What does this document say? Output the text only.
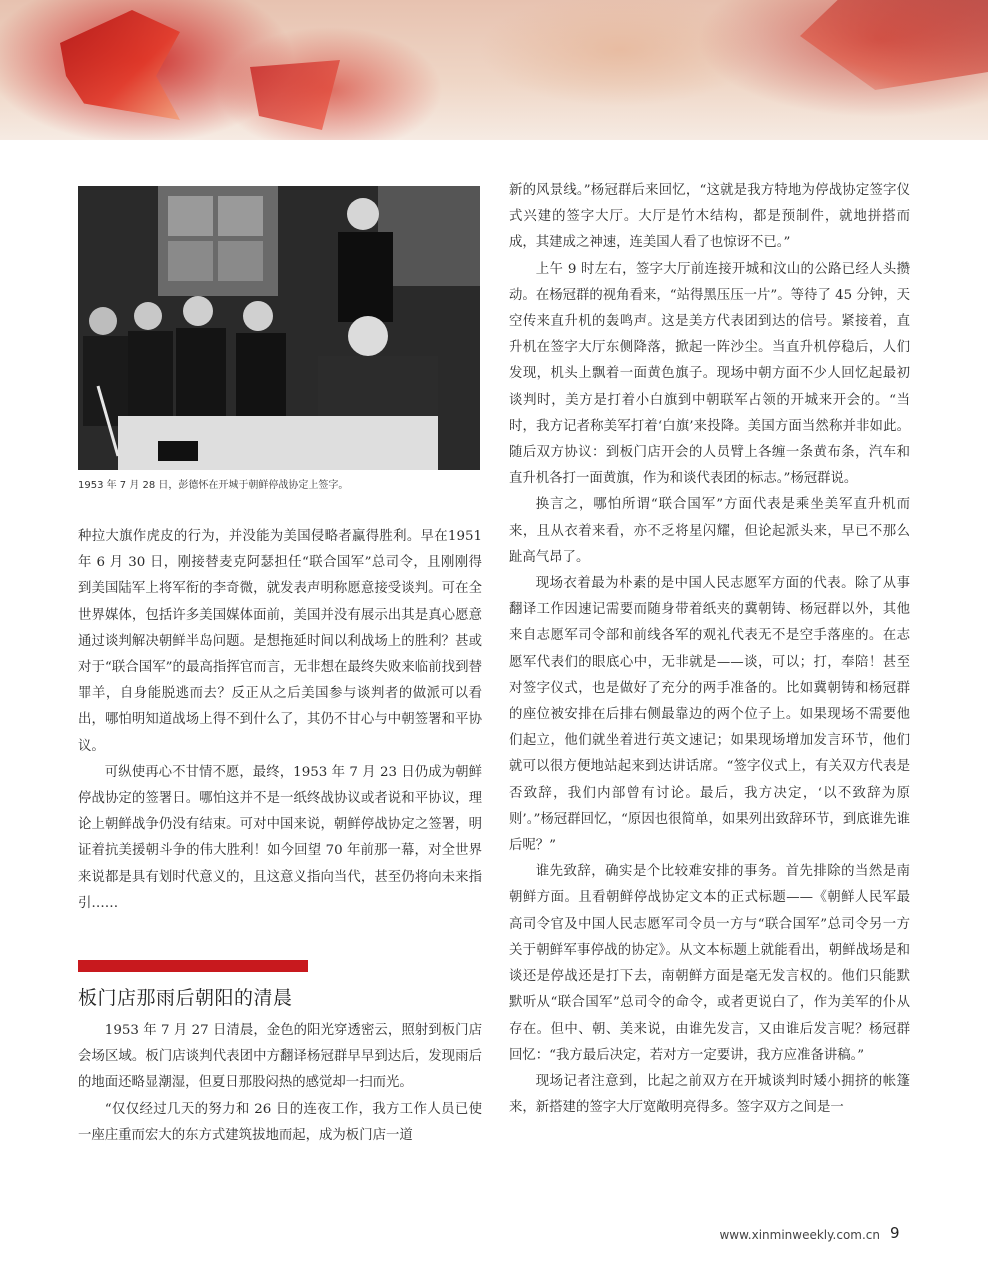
1953 年 7 月 28 日，彭德怀在开城于朝鲜停战协定上签字。

种拉大旗作虎皮的行为，并没能为美国侵略者赢得胜利。早在1951 年 6 月 30 日，刚接替麦克阿瑟担任“联合国军”总司令，且刚刚得到美国陆军上将军衔的李奇微，就发表声明称愿意接受谈判。可在全世界媒体，包括许多美国媒体面前，美国并没有展示出其是真心愿意通过谈判解决朝鲜半岛问题。是想拖延时间以利战场上的胜利？甚或对于“联合国军”的最高指挥官而言，无非想在最终失败来临前找到替罪羊，自身能脱逃而去？反正从之后美国参与谈判者的做派可以看出，哪怕明知道战场上得不到什么了，其仍不甘心与中朝签署和平协议。

可纵使再心不甘情不愿，最终，1953 年 7 月 23 日仍成为朝鲜停战协定的签署日。哪怕这并不是一纸终战协议或者说和平协议，理论上朝鲜战争仍没有结束。可对中国来说，朝鲜停战协定之签署，明证着抗美援朝斗争的伟大胜利！如今回望 70 年前那一幕，对全世界来说都是具有划时代意义的，且这意义指向当代，甚至仍将向未来指引……

板门店那雨后朝阳的清晨

1953 年 7 月 27 日清晨，金色的阳光穿透密云，照射到板门店会场区域。板门店谈判代表团中方翻译杨冠群早早到达后，发现雨后的地面还略显潮湿，但夏日那股闷热的感觉却一扫而光。

“仅仅经过几天的努力和 26 日的连夜工作，我方工作人员已使一座庄重而宏大的东方式建筑拔地而起，成为板门店一道

新的风景线。”杨冠群后来回忆，“这就是我方特地为停战协定签字仪式兴建的签字大厅。大厅是竹木结构，都是预制件，就地拼搭而成，其建成之神速，连美国人看了也惊讶不已。”

上午 9 时左右，签字大厅前连接开城和汶山的公路已经人头攒动。在杨冠群的视角看来，“站得黑压压一片”。等待了 45 分钟，天空传来直升机的轰鸣声。这是美方代表团到达的信号。紧接着，直升机在签字大厅东侧降落，掀起一阵沙尘。当直升机停稳后，人们发现，机头上飘着一面黄色旗子。现场中朝方面不少人回忆起最初谈判时，美方是打着小白旗到中朝联军占领的开城来开会的。“当时，我方记者称美军打着‘白旗’来投降。美国方面当然称并非如此。随后双方协议：到板门店开会的人员臂上各缠一条黄布条，汽车和直升机各打一面黄旗，作为和谈代表团的标志。”杨冠群说。

换言之，哪怕所谓“联合国军”方面代表是乘坐美军直升机而来，且从衣着来看，亦不乏将星闪耀，但论起派头来，早已不那么趾高气昂了。

现场衣着最为朴素的是中国人民志愿军方面的代表。除了从事翻译工作因速记需要而随身带着纸夹的冀朝铸、杨冠群以外，其他来自志愿军司令部和前线各军的观礼代表无不是空手落座的。在志愿军代表们的眼底心中，无非就是——谈，可以；打，奉陪！甚至对签字仪式，也是做好了充分的两手准备的。比如冀朝铸和杨冠群的座位被安排在后排右侧最靠边的两个位子上。如果现场不需要他们起立，他们就坐着进行英文速记；如果现场增加发言环节，他们就可以很方便地站起来到达讲话席。“签字仪式上，有关双方代表是否致辞，我们内部曾有讨论。最后，我方决定，‘以不致辞为原则’。”杨冠群回忆，“原因也很简单，如果列出致辞环节，到底谁先谁后呢？”

谁先致辞，确实是个比较难安排的事务。首先排除的当然是南朝鲜方面。且看朝鲜停战协定文本的正式标题——《朝鲜人民军最高司令官及中国人民志愿军司令员一方与“联合国军”总司令另一方关于朝鲜军事停战的协定》。从文本标题上就能看出，朝鲜战场是和谈还是停战还是打下去，南朝鲜方面是毫无发言权的。他们只能默默听从“联合国军”总司令的命令，或者更说白了，作为美军的仆从存在。但中、朝、美来说，由谁先发言，又由谁后发言呢？杨冠群回忆：“我方最后决定，若对方一定要讲，我方应准备讲稿。”

现场记者注意到，比起之前双方在开城谈判时矮小拥挤的帐篷来，新搭建的签字大厅宽敞明亮得多。签字双方之间是一

www.xinminweekly.com.cn 9
